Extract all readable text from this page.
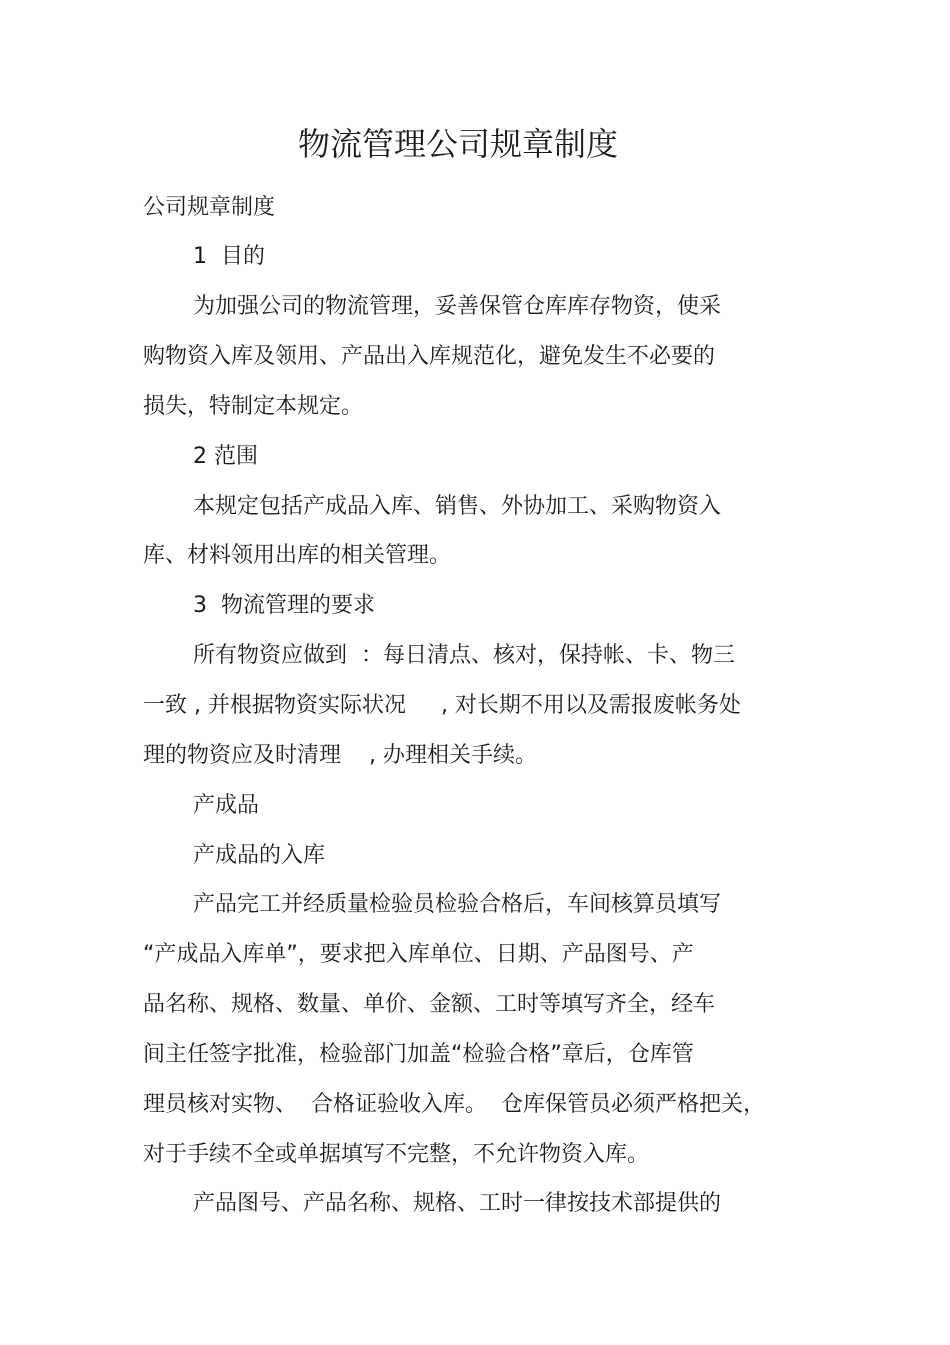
物流管理公司规章制度
公司规章制度
1  目的
为加强公司的物流管理，妥善保管仓库库存物资，使采
购物资入库及领用、产品出入库规范化，避免发生不必要的
损失，特制定本规定。
2 范围
本规定包括产成品入库、销售、外协加工、采购物资入
库、材料领用出库的相关管理。
3  物流管理的要求
所有物资应做到  ：每日清点、核对，保持帐、卡、物三
一致 , 并根据物资实际状况     , 对长期不用以及需报废帐务处
理的物资应及时清理    , 办理相关手续。
产成品
产成品的入库
产品完工并经质量检验员检验合格后，车间核算员填写
“产成品入库单”，要求把入库单位、日期、产品图号、产
品名称、规格、数量、单价、金额、工时等填写齐全，经车
间主任签字批准，检验部门加盖“检验合格”章后，仓库管
理员核对实物、  合格证验收入库。  仓库保管员必须严格把关，
对于手续不全或单据填写不完整，不允许物资入库。
产品图号、产品名称、规格、工时一律按技术部提供的
